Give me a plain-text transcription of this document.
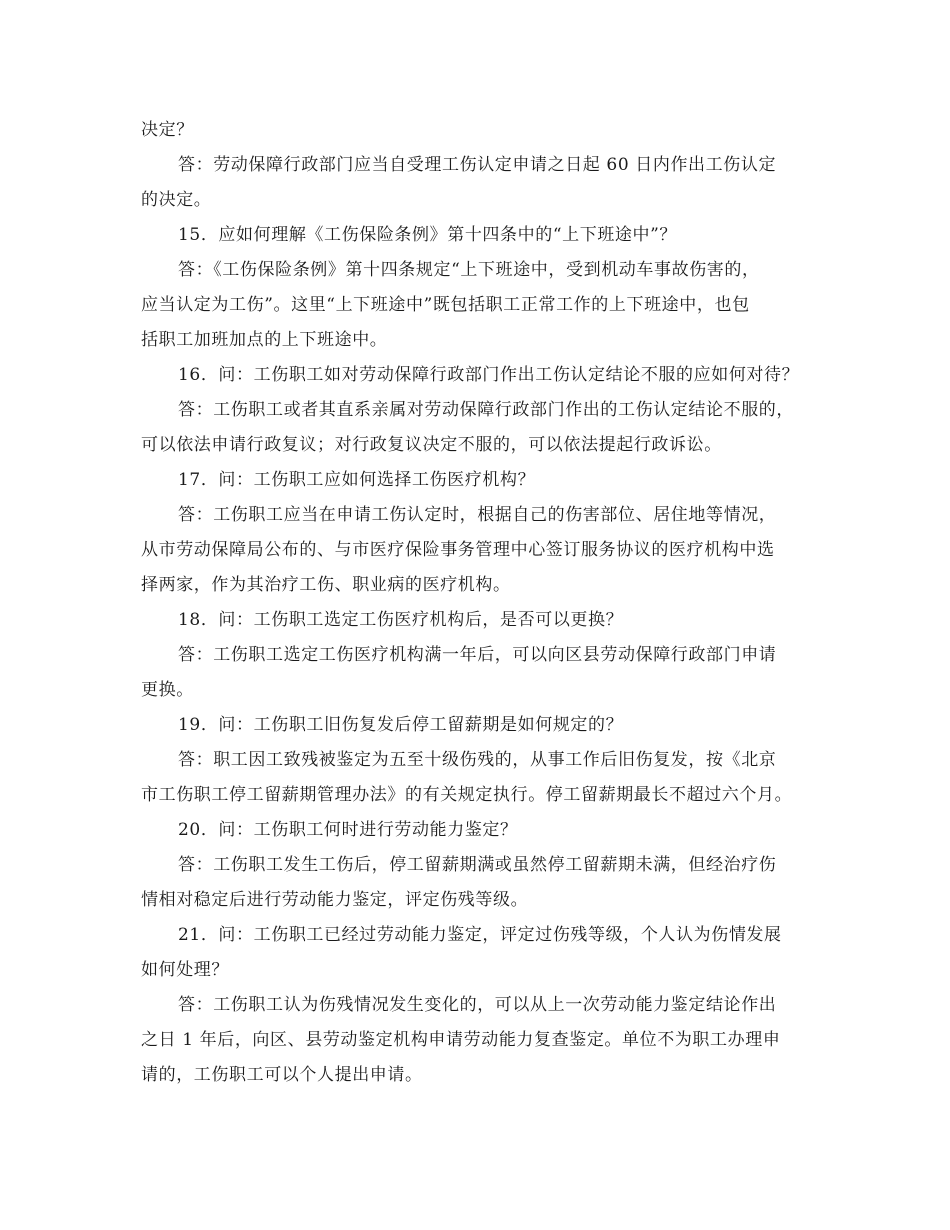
决定？
答：劳动保障行政部门应当自受理工伤认定申请之日起 60 日内作出工伤认定
的决定。
15．应如何理解《工伤保险条例》第十四条中的“上下班途中”？
答：《工伤保险条例》第十四条规定“上下班途中，受到机动车事故伤害的，
应当认定为工伤”。这里“上下班途中”既包括职工正常工作的上下班途中，也包
括职工加班加点的上下班途中。
16．问：工伤职工如对劳动保障行政部门作出工伤认定结论不服的应如何对待？
答：工伤职工或者其直系亲属对劳动保障行政部门作出的工伤认定结论不服的，
可以依法申请行政复议；对行政复议决定不服的，可以依法提起行政诉讼。
17．问：工伤职工应如何选择工伤医疗机构？
答：工伤职工应当在申请工伤认定时，根据自己的伤害部位、居住地等情况，
从市劳动保障局公布的、与市医疗保险事务管理中心签订服务协议的医疗机构中选
择两家，作为其治疗工伤、职业病的医疗机构。
18．问：工伤职工选定工伤医疗机构后，是否可以更换？
答：工伤职工选定工伤医疗机构满一年后，可以向区县劳动保障行政部门申请
更换。
19．问：工伤职工旧伤复发后停工留薪期是如何规定的？
答：职工因工致残被鉴定为五至十级伤残的，从事工作后旧伤复发，按《北京
市工伤职工停工留薪期管理办法》的有关规定执行。停工留薪期最长不超过六个月。
20．问：工伤职工何时进行劳动能力鉴定？
答：工伤职工发生工伤后，停工留薪期满或虽然停工留薪期未满，但经治疗伤
情相对稳定后进行劳动能力鉴定，评定伤残等级。
21．问：工伤职工已经过劳动能力鉴定，评定过伤残等级，个人认为伤情发展
如何处理？
答：工伤职工认为伤残情况发生变化的，可以从上一次劳动能力鉴定结论作出
之日 1 年后，向区、县劳动鉴定机构申请劳动能力复查鉴定。单位不为职工办理申
请的，工伤职工可以个人提出申请。
